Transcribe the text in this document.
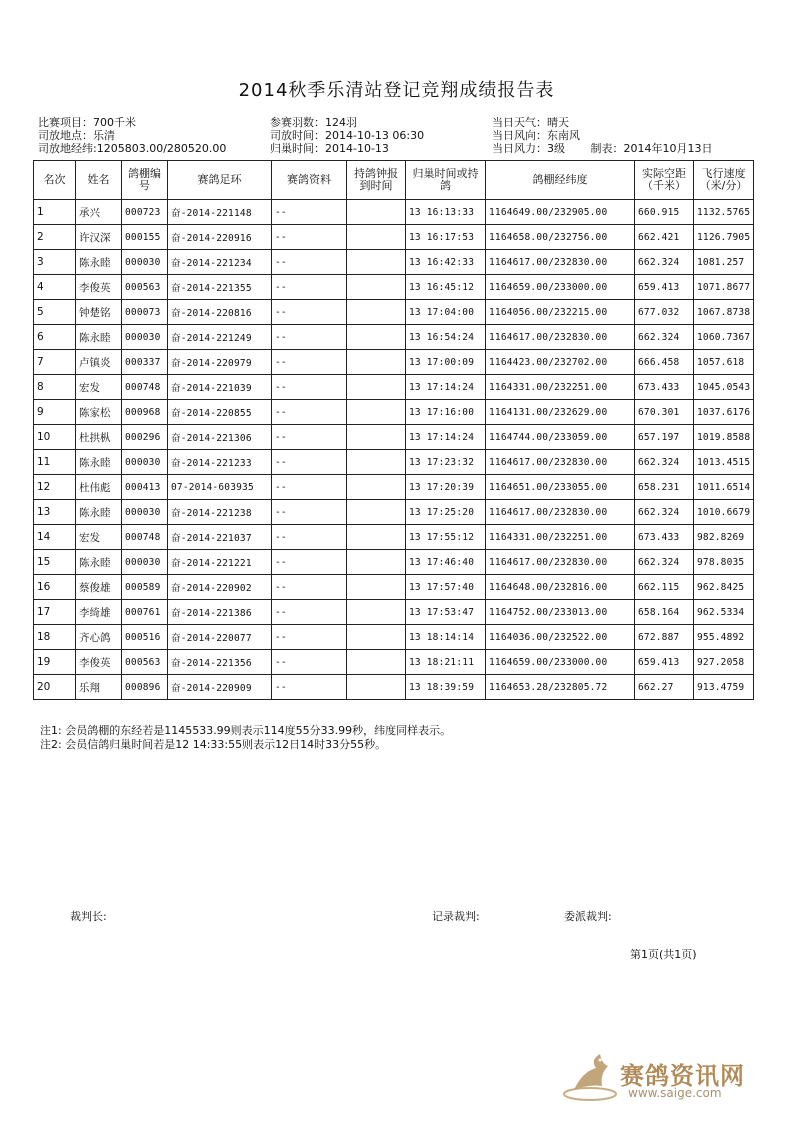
2014秋季乐清站登记竞翔成绩报告表
比赛项目：700千米
司放地点：乐清
司放地经纬:1205803.00/280520.00
参赛羽数：124羽
司放时间：2014-10-13 06:30
归巢时间：2014-10-13
当日天气：晴天
当日风向：东南风
当日风力：3级 制表：2014年10月13日
名次	姓名	鸽棚编号	赛鸽足环	赛鸽资料	持鸽钟报到时间	归巢时间或持鸽	鸽棚经纬度	实际空距（千米）	飞行速度（米/分）
1	承兴	000723	奋-2014-221148	--		13 16:13:33	1164649.00/232905.00	660.915	1132.5765
2	许汉深	000155	奋-2014-220916	--		13 16:17:53	1164658.00/232756.00	662.421	1126.7905
3	陈永睦	000030	奋-2014-221234	--		13 16:42:33	1164617.00/232830.00	662.324	1081.257
4	李俊英	000563	奋-2014-221355	--		13 16:45:12	1164659.00/233000.00	659.413	1071.8677
5	钟楚铭	000073	奋-2014-220816	--		13 17:04:00	1164056.00/232215.00	677.032	1067.8738
6	陈永睦	000030	奋-2014-221249	--		13 16:54:24	1164617.00/232830.00	662.324	1060.7367
7	卢镇炎	000337	奋-2014-220979	--		13 17:00:09	1164423.00/232702.00	666.458	1057.618
8	宏发	000748	奋-2014-221039	--		13 17:14:24	1164331.00/232251.00	673.433	1045.0543
9	陈家松	000968	奋-2014-220855	--		13 17:16:00	1164131.00/232629.00	670.301	1037.6176
10	杜拱枞	000296	奋-2014-221306	--		13 17:14:24	1164744.00/233059.00	657.197	1019.8588
11	陈永睦	000030	奋-2014-221233	--		13 17:23:32	1164617.00/232830.00	662.324	1013.4515
12	杜伟彪	000413	07-2014-603935	--		13 17:20:39	1164651.00/233055.00	658.231	1011.6514
13	陈永睦	000030	奋-2014-221238	--		13 17:25:20	1164617.00/232830.00	662.324	1010.6679
14	宏发	000748	奋-2014-221037	--		13 17:55:12	1164331.00/232251.00	673.433	982.8269
15	陈永睦	000030	奋-2014-221221	--		13 17:46:40	1164617.00/232830.00	662.324	978.8035
16	蔡俊雄	000589	奋-2014-220902	--		13 17:57:40	1164648.00/232816.00	662.115	962.8425
17	李绮雄	000761	奋-2014-221386	--		13 17:53:47	1164752.00/233013.00	658.164	962.5334
18	齐心鸽	000516	奋-2014-220077	--		13 18:14:14	1164036.00/232522.00	672.887	955.4892
19	李俊英	000563	奋-2014-221356	--		13 18:21:11	1164659.00/233000.00	659.413	927.2058
20	乐翔	000896	奋-2014-220909	--		13 18:39:59	1164653.28/232805.72	662.27	913.4759
注1: 会员鸽棚的东经若是1145533.99则表示114度55分33.99秒，纬度同样表示。
注2: 会员信鸽归巢时间若是12 14:33:55则表示12日14时33分55秒。
裁判长:	记录裁判:	委派裁判:
第1页(共1页)
赛鸽资讯网
www.saige.com
